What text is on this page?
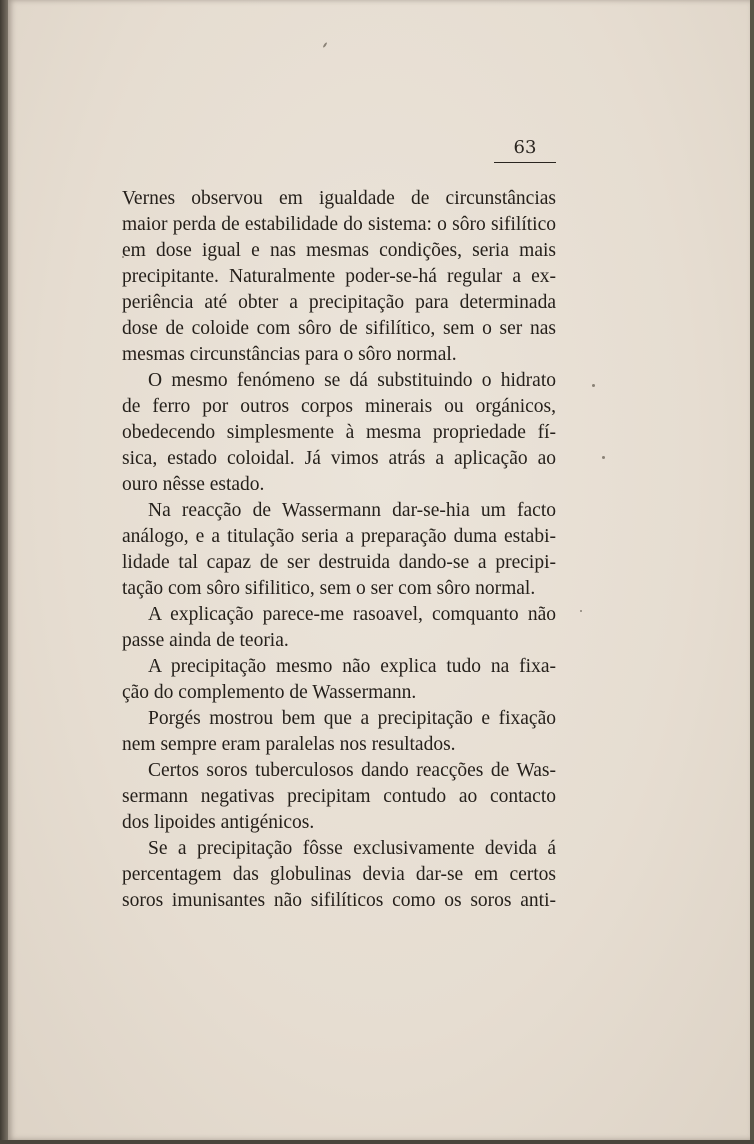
63
Vernes observou em igualdade de circunstâncias
maior perda de estabilidade do sistema: o sôro sifilítico
em dose igual e nas mesmas condições, seria mais
precipitante. Naturalmente poder-se-há regular a ex-
periência até obter a precipitação para determinada
dose de coloide com sôro de sifilítico, sem o ser nas
mesmas circunstâncias para o sôro normal.
O mesmo fenómeno se dá substituindo o hidrato
de ferro por outros corpos minerais ou orgánicos,
obedecendo simplesmente à mesma propriedade fí-
sica, estado coloidal. Já vimos atrás a aplicação ao
ouro nêsse estado.
Na reacção de Wassermann dar-se-hia um facto
análogo, e a titulação seria a preparação duma estabi-
lidade tal capaz de ser destruida dando-se a precipi-
tação com sôro sifilitico, sem o ser com sôro normal.
A explicação parece-me rasoavel, comquanto não
passe ainda de teoria.
A precipitação mesmo não explica tudo na fixa-
ção do complemento de Wassermann.
Porgés mostrou bem que a precipitação e fixação
nem sempre eram paralelas nos resultados.
Certos soros tuberculosos dando reacções de Was-
sermann negativas precipitam contudo ao contacto
dos lipoides antigénicos.
Se a precipitação fôsse exclusivamente devida á
percentagem das globulinas devia dar-se em certos
soros imunisantes não sifilíticos como os soros anti-
